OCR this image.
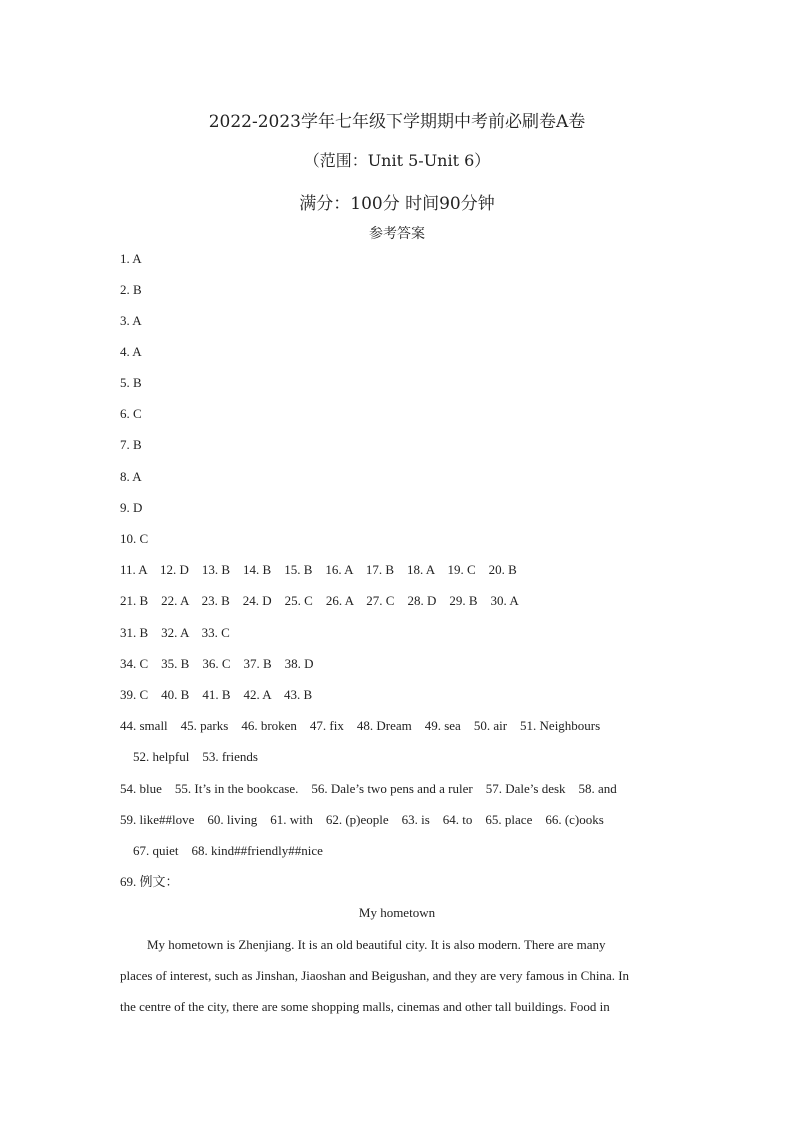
2022-2023学年七年级下学期期中考前必刷卷A卷
（范围：Unit 5-Unit 6）
满分：100分 时间90分钟
参考答案
1. A
2. B
3. A
4. A
5. B
6. C
7. B
8. A
9. D
10. C
11. A    12. D    13. B    14. B    15. B    16. A    17. B    18. A    19. C    20. B
21. B    22. A    23. B    24. D    25. C    26. A    27. C    28. D    29. B    30. A
31. B    32. A    33. C
34. C    35. B    36. C    37. B    38. D
39. C    40. B    41. B    42. A    43. B
44. small    45. parks    46. broken    47. fix    48. Dream    49. sea    50. air    51. Neighbours
52. helpful    53. friends
54. blue    55. It’s in the bookcase.    56. Dale’s two pens and a ruler    57. Dale’s desk    58. and
59. like##love    60. living    61. with    62. (p)eople    63. is    64. to    65. place    66. (c)ooks
67. quiet    68. kind##friendly##nice
69. 例文：
My hometown
My hometown is Zhenjiang. It is an old beautiful city. It is also modern. There are many
places of interest, such as Jinshan, Jiaoshan and Beigushan, and they are very famous in China. In
the centre of the city, there are some shopping malls, cinemas and other tall buildings. Food in
